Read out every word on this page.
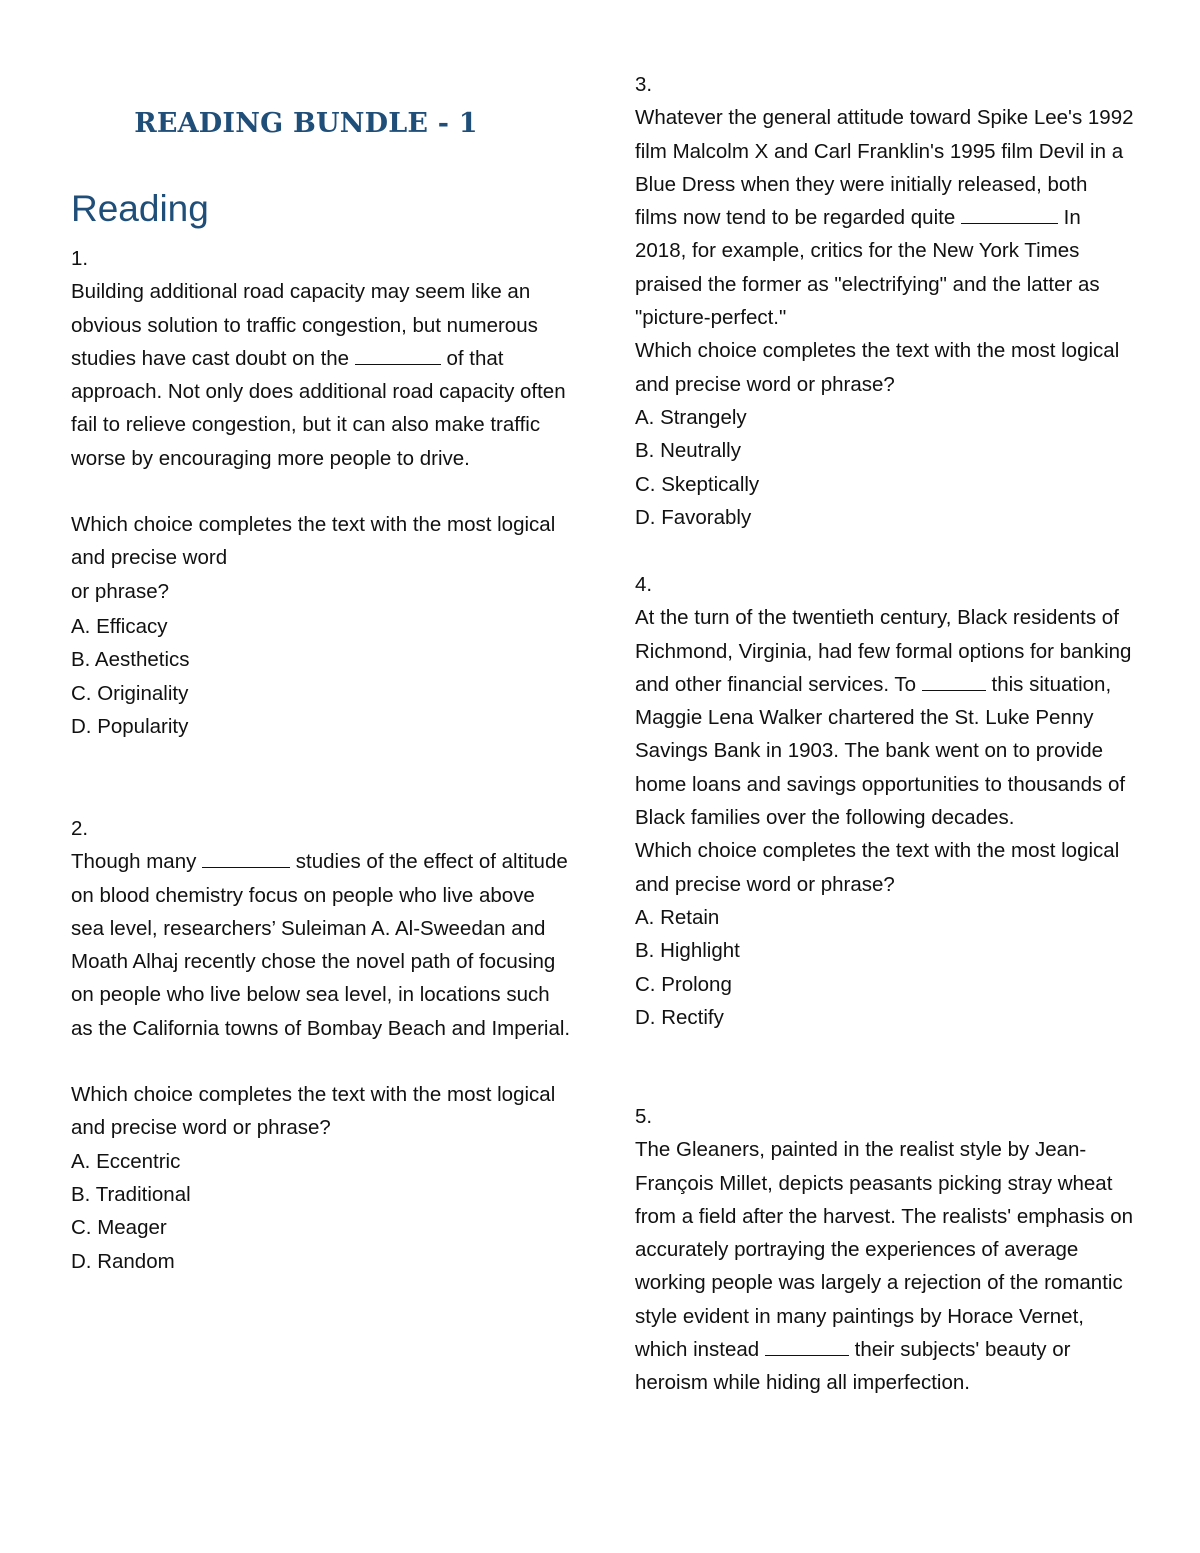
READING BUNDLE - 1
Reading

1.

Building additional road capacity may seem like an obvious solution to traffic congestion, but numerous studies have cast doubt on the	of that approach. Not only does additional road capacity often fail to relieve congestion, but it can also make traffic worse by encouraging more people to drive.

Which choice completes the text with the most logical and precise word

or phrase?

A. Efficacy
B. Aesthetics
C. Originality
D. Popularity

2.

Though many	studies of the effect of altitude on blood chemistry focus on people who live above sea level, researchers’ Suleiman A. Al-Sweedan and Moath Alhaj recently chose the novel path of focusing on people who live below sea level, in locations such as the California towns of Bombay Beach and Imperial.

Which choice completes the text with the most logical and precise word or phrase?

A. Eccentric
B. Traditional
C. Meager
D. Random

3.

Whatever the general attitude toward Spike Lee's 1992 film Malcolm X and Carl Franklin's 1995 film Devil in a Blue Dress when they were initially released, both films now tend to be regarded quite	In 2018, for example, critics for the New York Times praised the former as "electrifying" and the latter as "picture-perfect."

Which choice completes the text with the most logical and precise word or phrase?

A. Strangely
B. Neutrally
C. Skeptically
D. Favorably

4.

At the turn of the twentieth century, Black residents of Richmond, Virginia, had few formal options for banking and other financial services. To	this situation, Maggie Lena Walker chartered the St. Luke Penny Savings Bank in 1903. The bank went on to provide home loans and savings opportunities to thousands of Black families over the following decades.

Which choice completes the text with the most logical and precise word or phrase?

A. Retain
B. Highlight
C. Prolong
D. Rectify

5.

The Gleaners, painted in the realist style by Jean-François Millet, depicts peasants picking stray wheat from a field after the harvest. The realists' emphasis on accurately portraying the experiences of average working people was largely a rejection of the romantic style evident in many paintings by Horace Vernet, which instead	their subjects' beauty or heroism while hiding all imperfection.
